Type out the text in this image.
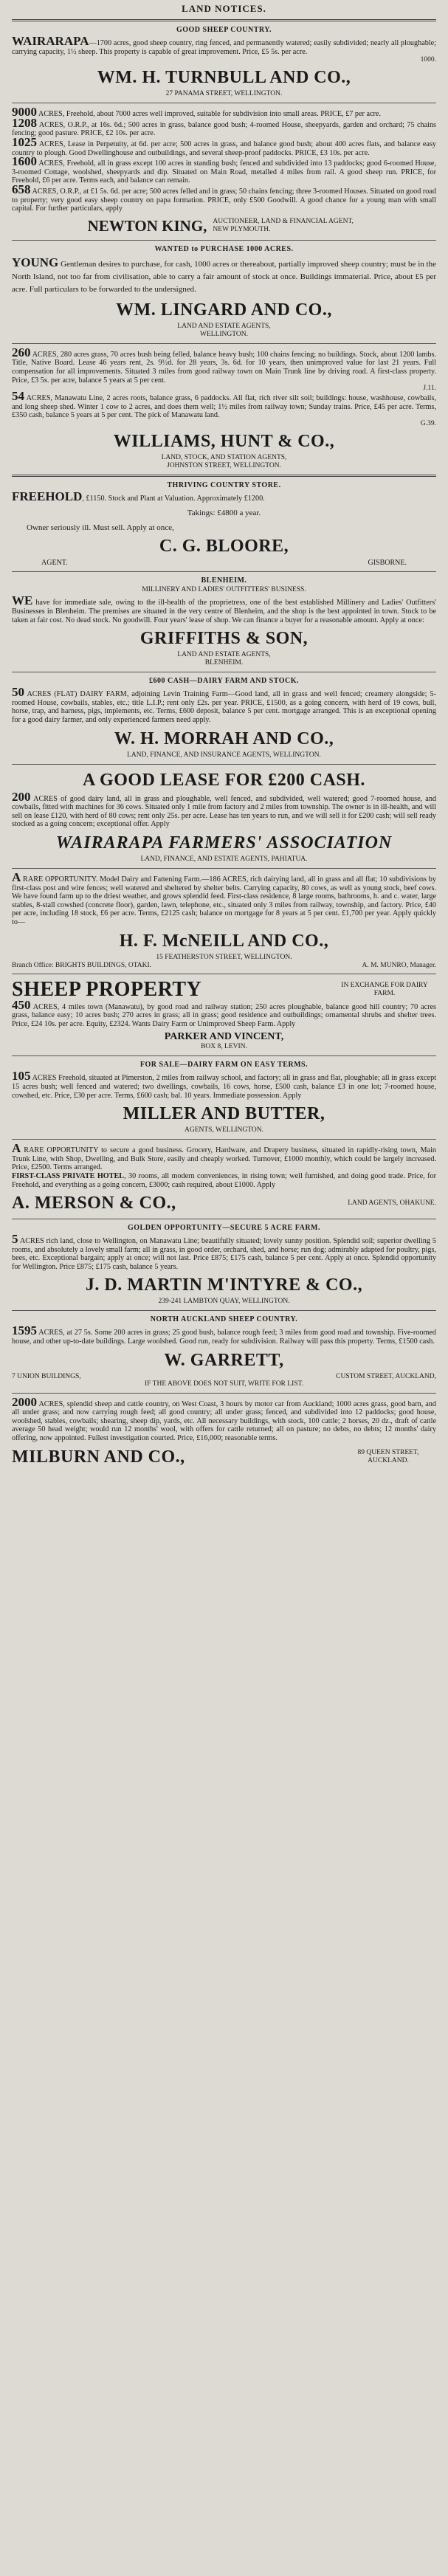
LAND NOTICES.
GOOD SHEEP COUNTRY.

WAIRARAPA—1700 acres, good sheep country, ring fenced, and permanently watered; easily subdivided; nearly all ploughable; carrying capacity, 1½ sheep. This property is capable of great improvement. Price, £5 5s. per acre.

1000.
WM. H. TURNBULL AND CO.,
27 PANAMA STREET, WELLINGTON.

9000 ACRES, Freehold, about 7000 acres well improved, suitable for subdivision into small areas. PRICE, £7 per acre.

1208 ACRES, O.R.P., at 16s. 6d.; 500 acres in grass, balance good bush; 4-roomed House, sheepyards, garden and orchard; 75 chains fencing; good pasture. PRICE, £2 10s. per acre.

1025 ACRES, Lease in Perpetuity, at 6d. per acre; 500 acres in grass, and balance good bush; about 400 acres flats, and balance easy country to plough. Good Dwellinghouse and outbuildings, and several sheep-proof paddocks. PRICE, £3 10s. per acre.

1600 ACRES, Freehold, all in grass except 100 acres in standing bush; fenced and subdivided into 13 paddocks; good 6-roomed House, 3-roomed Cottage, woolshed, sheepyards and dip. Situated on Main Road, metalled 4 miles from rail. A good sheep run. PRICE, for Freehold, £6 per acre. Terms each, and balance can remain.

658 ACRES, O.R.P., at £1 5s. 6d. per acre; 500 acres felled and in grass; 50 chains fencing; three 3-roomed Houses. Situated on good road to property; very good easy sheep country on papa formation. PRICE, only £500 Goodwill. A good chance for a young man with small capital. For further particulars, apply

NEWTON KING, AUCTIONEER, LAND & FINANCIAL AGENT, NEW PLYMOUTH.
WANTED to PURCHASE 1000 ACRES.

YOUNG Gentleman desires to purchase, for cash, 1000 acres or thereabout, partially improved sheep country; must be in the North Island, not too far from civilisation, able to carry a fair amount of stock at once. Buildings immaterial. Price, about £5 per acre. Full particulars to be forwarded to the undersigned.

WM. LINGARD AND CO.,
LAND AND ESTATE AGENTS,
WELLINGTON.

260 ACRES, 280 acres grass, 70 acres bush being felled, balance heavy bush; 100 chains fencing; no buildings. Stock, about 1200 lambs. Title, Native Board. Lease 46 years rent, 2s. 9½d. for 28 years, 3s. 6d. for 10 years, then unimproved value for last 21 years. Full compensation for all improvements. Situated 3 miles from good railway town on Main Trunk line by driving road. A first-class property. Price, £3 5s. per acre, balance 5 years at 5 per cent.

J.11.

54 ACRES, Manawatu Line, 2 acres roots, balance grass, 6 paddocks. All flat, rich river silt soil; buildings: house, washhouse, cowbails, and long sheep shed. Winter 1 cow to 2 acres, and does them well; 1½ miles from railway town; Sunday trains. Price, £45 per acre. Terms, £350 cash, balance 5 years at 5 per cent. The pick of Manawatu land.

G.39.
WILLIAMS, HUNT & CO.,
LAND, STOCK, AND STATION AGENTS,
JOHNSTON STREET, WELLINGTON.
THRIVING COUNTRY STORE.

FREEHOLD, £1150. Stock and Plant at Valuation. Approximately £1200.

Takings: £4800 a year.
Owner seriously ill. Must sell. Apply at once,
C. G. BLOORE,
AGENT.	GISBORNE.
BLENHEIM.
MILLINERY AND LADIES' OUTFITTERS' BUSINESS.

WE have for immediate sale, owing to the ill-health of the proprietress, one of the best established Millinery and Ladies' Outfitters' Businesses in Blenheim. The premises are situated in the very centre of Blenheim, and the shop is the best appointed in town. Stock to be taken at fair cost. No dead stock. No goodwill. Four years' lease of shop. We can finance a buyer for a reasonable amount. Apply at once:

GRIFFITHS & SON,
LAND AND ESTATE AGENTS,
BLENHEIM.
£600 CASH—DAIRY FARM AND STOCK.

50 ACRES (FLAT) DAIRY FARM, adjoining Levin Training Farm—Good land, all in grass and well fenced; creamery alongside; 5-roomed House, cowbails, stables, etc.; title L.I.P.; rent only £2s. per year. PRICE, £1500, as a going concern, with herd of 19 cows, bull, horse, trap, and harness, pigs, implements, etc. Terms, £600 deposit, balance 5 per cent. mortgage arranged. This is an exceptional opening for a good dairy farmer, and only experienced farmers need apply.

W. H. MORRAH AND CO.,
LAND, FINANCE, AND INSURANCE AGENTS, WELLINGTON.
A GOOD LEASE FOR £200 CASH.

200 ACRES of good dairy land, all in grass and ploughable, well fenced, and subdivided, well watered; good 7-roomed house, and cowbails, fitted with machines for 36 cows. Situated only 1 mile from factory and 2 miles from township. The owner is in ill-health, and will sell on lease £120, with herd of 80 cows; rent only 25s. per acre. Lease has ten years to run, and we will sell it for £200 cash; will sell ready stocked as a going concern; exceptional offer. Apply

WAIRARAPA FARMERS' ASSOCIATION
LAND, FINANCE, AND ESTATE AGENTS, PAHIATUA.

A RARE OPPORTUNITY. Model Dairy and Fattening Farm.—186 ACRES, rich dairying land, all in grass and all flat; 10 subdivisions by first-class post and wire fences; well watered and sheltered by shelter belts. Carrying capacity, 80 cows, as well as young stock, beef cows. We have found farm up to the driest weather, and grows splendid feed. First-class residence, 8 large rooms, bathrooms, h. and c. water, large stables, 8-stall cowshed (concrete floor), garden, lawn, telephone, etc., situated only 3 miles from railway, township, and factory. Price, £40 per acre, including 18 stock, £6 per acre. Terms, £2125 cash; balance on mortgage for 8 years at 5 per cent. £1,700 per year. Apply quickly to—

H. F. McNEILL AND CO.,
15 FEATHERSTON STREET, WELLINGTON.
Branch Office: BRIGHTS BUILDINGS, OTAKI.	A. M. MUNRO, Manager.
SHEEP PROPERTY	IN EXCHANGE FOR DAIRY FARM.

450 ACRES, 4 miles town (Manawatu), by good road and railway station; 250 acres ploughable, balance good hill country; 70 acres grass, balance easy; 10 acres bush; 270 acres in grass; all in grass; good residence and outbuildings; ornamental shrubs and shelter trees. Price, £24 10s. per acre. Equity, £2324. Wants Dairy Farm or Unimproved Sheep Farm. Apply

PARKER AND VINCENT,
BOX 8, LEVIN.
FOR SALE—DAIRY FARM ON EASY TERMS.

105 ACRES Freehold, situated at Pimerston, 2 miles from railway school, and factory; all in grass and flat, ploughable; all in grass except 15 acres bush; well fenced and watered; two dwellings, cowbails, 16 cows, horse, £500 cash, balance £3 in one lot; 7-roomed house, cowshed, etc. Price, £30 per acre. Terms, £600 cash; bal. 10 years. Immediate possession. Apply

MILLER AND BUTTER,
AGENTS, WELLINGTON.

A RARE OPPORTUNITY to secure a good business. Grocery, Hardware, and Drapery business, situated in rapidly-rising town, Main Trunk Line, with Shop, Dwelling, and Bulk Store, easily and cheaply worked. Turnover, £1000 monthly, which could be largely increased. Price, £2500. Terms arranged.

FIRST-CLASS PRIVATE HOTEL, 30 rooms, all modern conveniences, in rising town; well furnished, and doing good trade. Price, for Freehold, and everything as a going concern, £3000; cash required, about £1000. Apply

A. MERSON & CO.,	LAND AGENTS, OHAKUNE.
GOLDEN OPPORTUNITY—SECURE 5 ACRE FARM.

5 ACRES rich land, close to Wellington, on Manawatu Line; beautifully situated; lovely sunny position. Splendid soil; superior dwelling 5 rooms, and absolutely a lovely small farm; all in grass, in good order, orchard, shed, and horse; run dog; admirably adapted for poultry, pigs, bees, etc. Exceptional bargain; apply at once; will not last. Price £875; £175 cash, balance 5 per cent. Apply at once. Splendid opportunity for Wellington. Price £875; £175 cash, balance 5 years.

J. D. MARTIN M'INTYRE & CO.,
239-241 LAMBTON QUAY, WELLINGTON.
NORTH AUCKLAND SHEEP COUNTRY.

1595 ACRES, at 27 5s. Some 200 acres in grass; 25 good bush, balance rough feed; 3 miles from good road and township. Five-roomed house, and other up-to-date buildings. Large woolshed. Good run, ready for subdivision. Railway will pass this property. Terms, £1500 cash.

W. GARRETT,
7 UNION BUILDINGS,	CUSTOM STREET, AUCKLAND,
IF THE ABOVE DOES NOT SUIT, WRITE FOR LIST.

2000 ACRES, splendid sheep and cattle country, on West Coast, 3 hours by motor car from Auckland; 1000 acres grass, good barn, and all under grass; and now carrying rough feed; all good country; all under grass; fenced, and subdivided into 12 paddocks; good house, woolshed, stables, cowbails; shearing, sheep dip, yards, etc. All necessary buildings, with stock, 100 cattle; 2 horses, 20 dz., draft of cattle average 50 head weight; would run 12 months' wool, with offers for cattle returned; all on pasture; no debts, no debts; 12 months' dairy offering, now appointed. Fullest investigation courted. Price, £16,000; reasonable terms.

MILBURN AND CO.,	89 QUEEN STREET, AUCKLAND.
